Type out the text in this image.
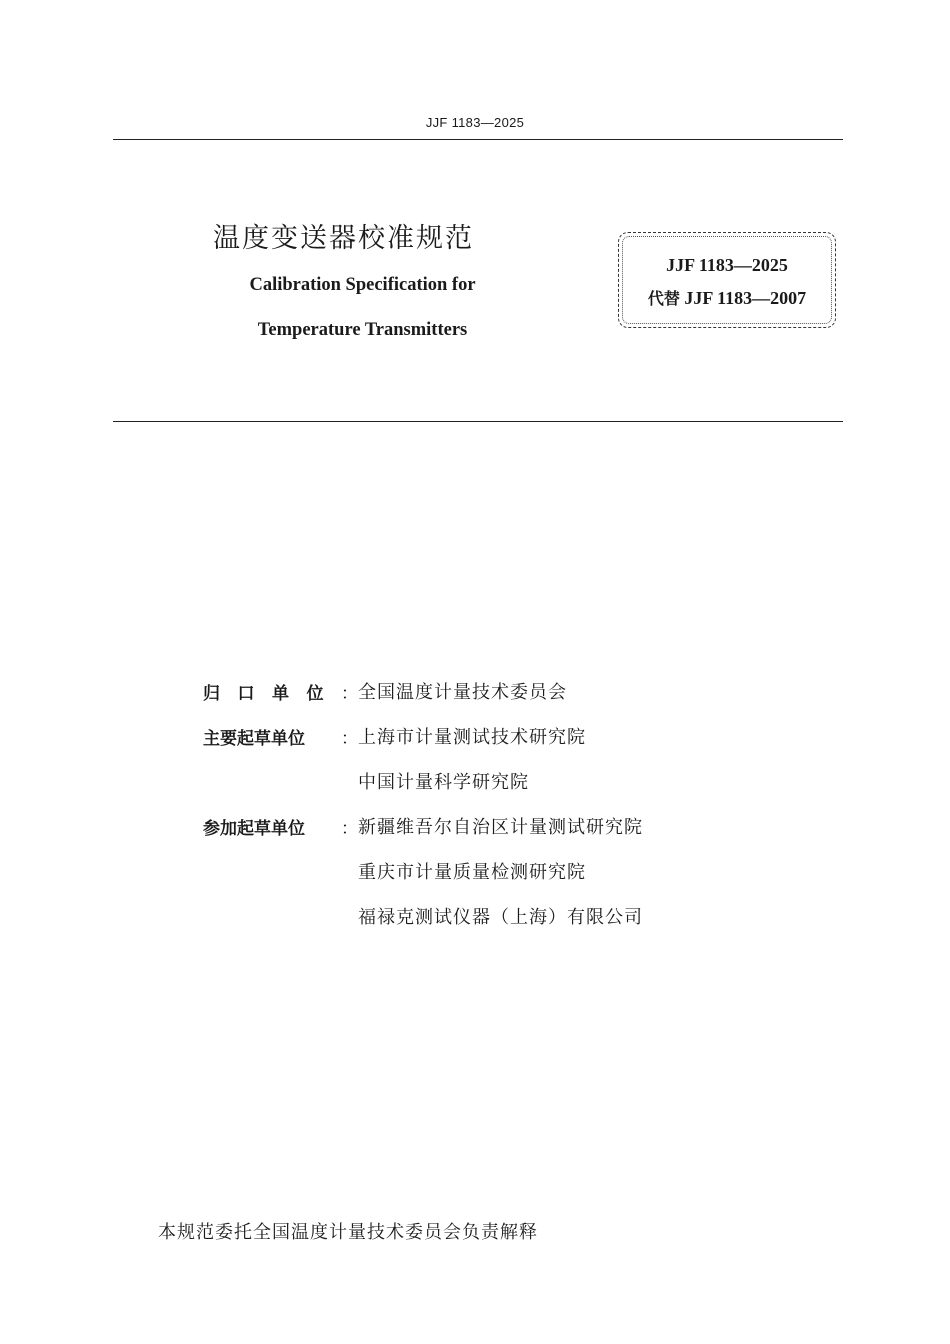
JJF 1183—2025
温度变送器校准规范
Calibration Specification for
Temperature Transmitters
JJF 1183—2025
代替 JJF 1183—2007
归 口 单 位 ： 全国温度计量技术委员会
主要起草单位 ： 上海市计量测试技术研究院
中国计量科学研究院
参加起草单位 ： 新疆维吾尔自治区计量测试研究院
重庆市计量质量检测研究院
福禄克测试仪器（上海）有限公司
本规范委托全国温度计量技术委员会负责解释
